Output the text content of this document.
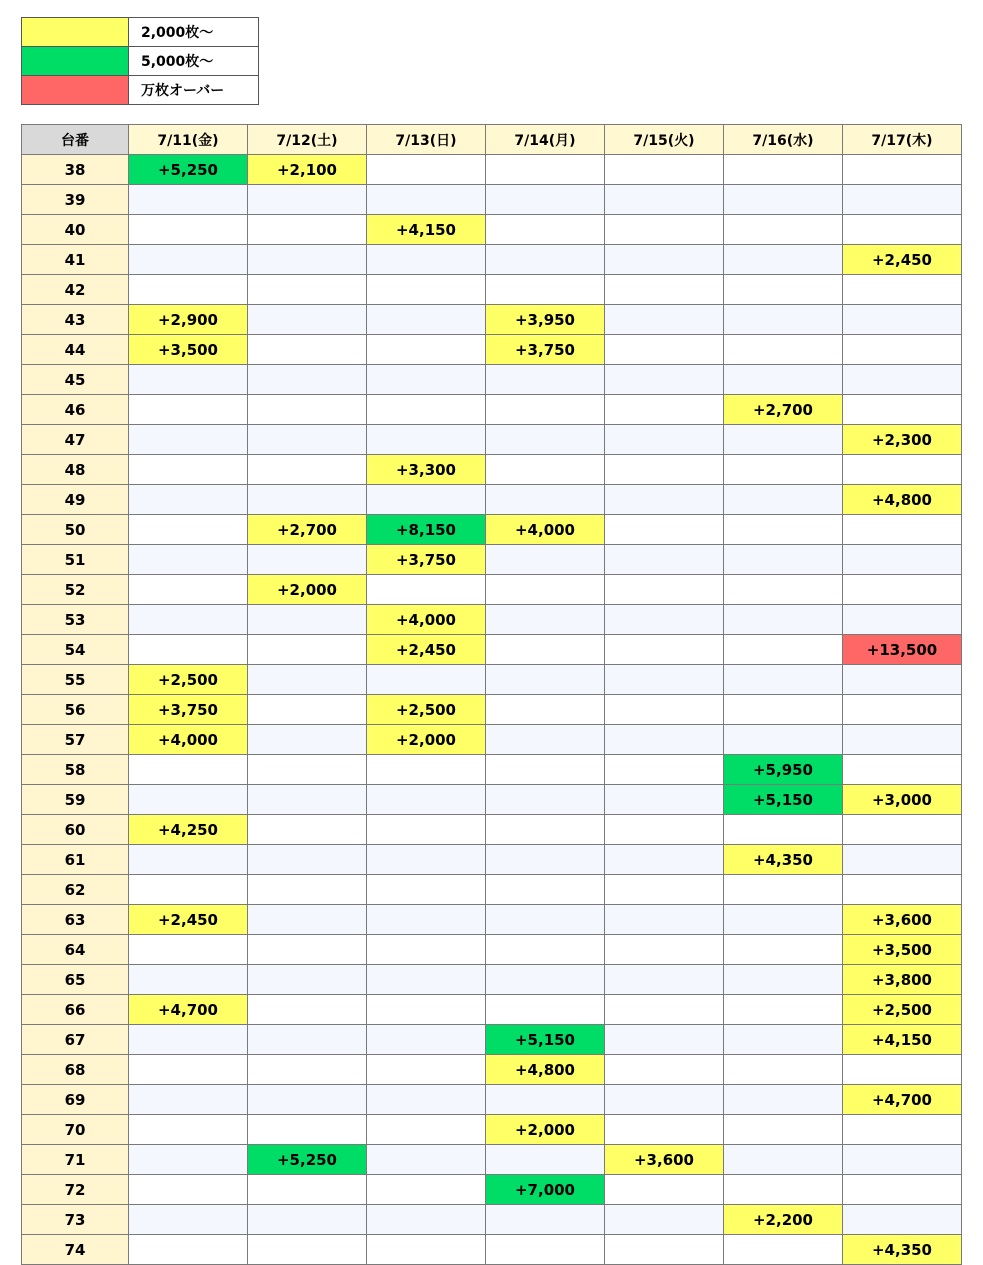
	2,000枚～
	5,000枚～
	万枚オーバー
台番	7/11(金)	7/12(土)	7/13(日)	7/14(月)	7/15(火)	7/16(水)	7/17(木)
38	+5,250	+2,100					
39							
40			+4,150				
41							+2,450
42							
43	+2,900			+3,950			
44	+3,500			+3,750			
45							
46						+2,700	
47							+2,300
48			+3,300				
49							+4,800
50		+2,700	+8,150	+4,000			
51			+3,750				
52		+2,000					
53			+4,000				
54			+2,450				+13,500
55	+2,500						
56	+3,750		+2,500				
57	+4,000		+2,000				
58						+5,950	
59						+5,150	+3,000
60	+4,250						
61						+4,350	
62							
63	+2,450						+3,600
64							+3,500
65							+3,800
66	+4,700						+2,500
67				+5,150			+4,150
68				+4,800			
69							+4,700
70				+2,000			
71		+5,250			+3,600		
72				+7,000			
73						+2,200	
74							+4,350
